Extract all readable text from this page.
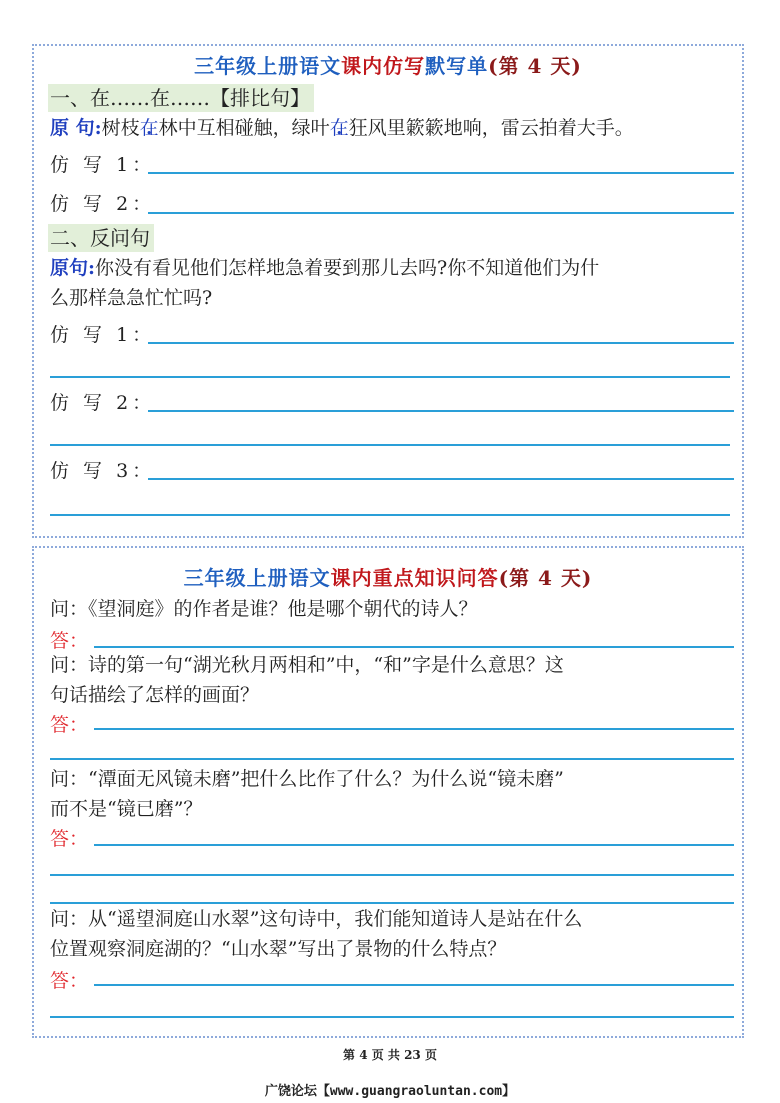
三年级上册语文课内仿写默写单(第 4 天)
一、在……在……【排比句】
原 句:树枝在林中互相碰触，绿叶在狂风里簌簌地响，雷云拍着大手。
仿 写 1：
仿 写 2：
二、反问句
原句:你没有看见他们怎样地急着要到那儿去吗?你不知道他们为什
么那样急急忙忙吗?
仿 写 1：
仿 写 2：
仿 写 3：
三年级上册语文课内重点知识问答(第 4 天)
问：《望洞庭》的作者是谁？他是哪个朝代的诗人？
答：
问：诗的第一句“湖光秋月两相和”中，“和”字是什么意思？这
句话描绘了怎样的画面？
答：
问：“潭面无风镜未磨”把什么比作了什么？为什么说“镜未磨”
而不是“镜已磨”？
答：
问：从“遥望洞庭山水翠”这句诗中，我们能知道诗人是站在什么
位置观察洞庭湖的？“山水翠”写出了景物的什么特点？
答：
第 4 页 共 23 页
广饶论坛【www.guangraoluntan.com】
